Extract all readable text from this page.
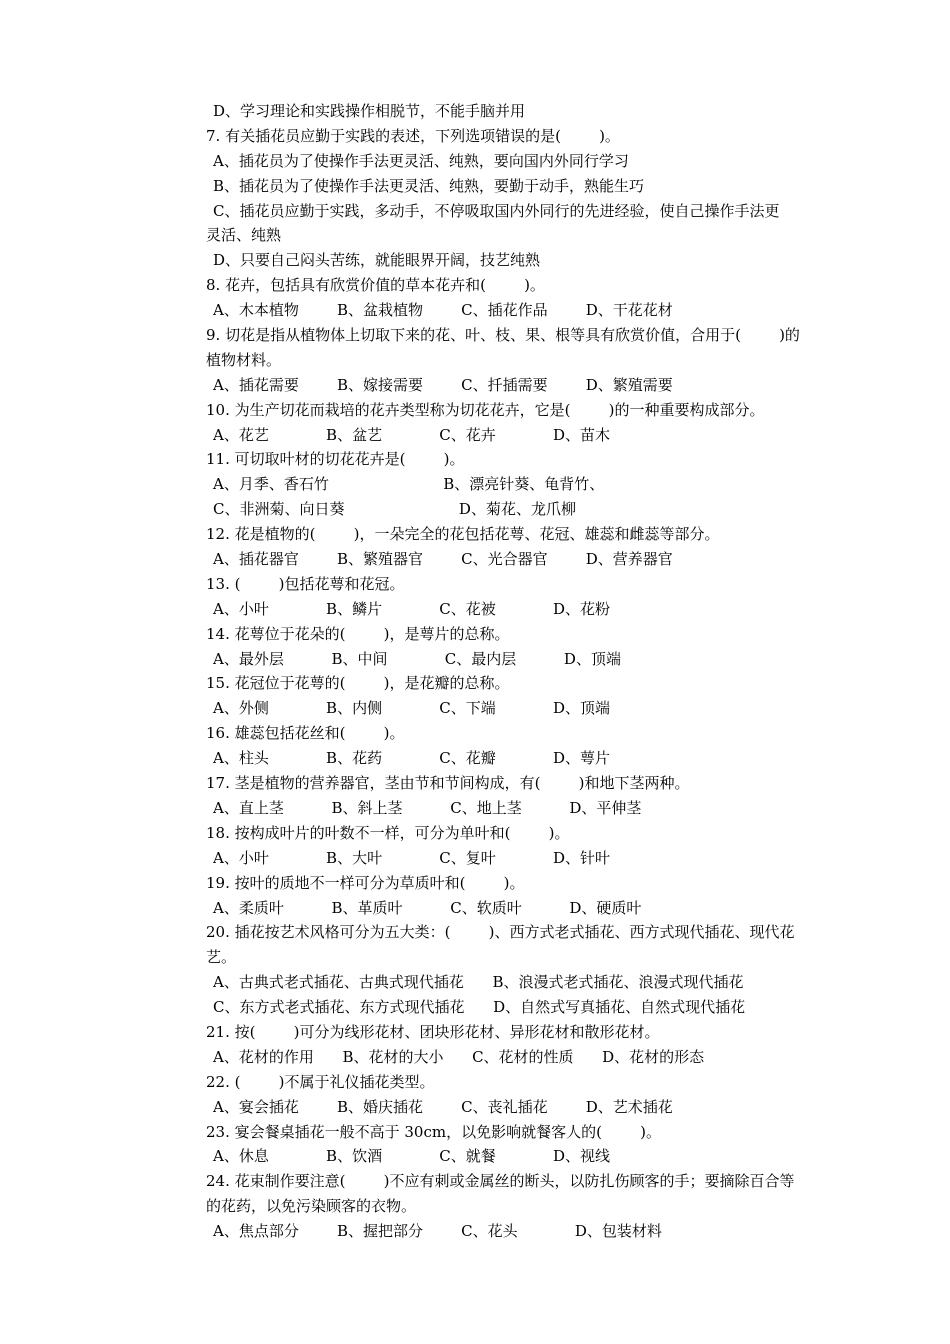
D、学习理论和实践操作相脱节，不能手脑并用
7. 有关插花员应勤于实践的表述，下列选项错误的是(        )。
A、插花员为了使操作手法更灵活、纯熟，要向国内外同行学习
B、插花员为了使操作手法更灵活、纯熟，要勤于动手，熟能生巧
C、插花员应勤于实践，多动手，不停吸取国内外同行的先进经验，使自己操作手法更
灵活、纯熟
D、只要自己闷头苦练，就能眼界开阔，技艺纯熟
8. 花卉，包括具有欣赏价值的草本花卉和(        )。
A、木本植物        B、盆栽植物        C、插花作品        D、干花花材
9. 切花是指从植物体上切取下来的花、叶、枝、果、根等具有欣赏价值，合用于(        )的
植物材料。
A、插花需要        B、嫁接需要        C、扦插需要        D、繁殖需要
10. 为生产切花而栽培的花卉类型称为切花花卉，它是(        )的一种重要构成部分。
A、花艺            B、盆艺            C、花卉            D、苗木
11. 可切取叶材的切花花卉是(        )。
A、月季、香石竹                        B、漂亮针葵、龟背竹、
C、非洲菊、向日葵                        D、菊花、龙爪柳
12. 花是植物的(        )，一朵完全的花包括花萼、花冠、雄蕊和雌蕊等部分。
A、插花器官        B、繁殖器官        C、光合器官        D、营养器官
13. (        )包括花萼和花冠。
A、小叶            B、鳞片            C、花被            D、花粉
14. 花萼位于花朵的(        )，是萼片的总称。
A、最外层          B、中间            C、最内层          D、顶端
15. 花冠位于花萼的(        )，是花瓣的总称。
A、外侧            B、内侧            C、下端            D、顶端
16. 雄蕊包括花丝和(        )。
A、柱头            B、花药            C、花瓣            D、萼片
17. 茎是植物的营养器官，茎由节和节间构成，有(        )和地下茎两种。
A、直上茎          B、斜上茎          C、地上茎          D、平伸茎
18. 按构成叶片的叶数不一样，可分为单叶和(        )。
A、小叶            B、大叶            C、复叶            D、针叶
19. 按叶的质地不一样可分为草质叶和(        )。
A、柔质叶          B、革质叶          C、软质叶          D、硬质叶
20. 插花按艺术风格可分为五大类：(        )、西方式老式插花、西方式现代插花、现代花
艺。
A、古典式老式插花、古典式现代插花      B、浪漫式老式插花、浪漫式现代插花
C、东方式老式插花、东方式现代插花      D、自然式写真插花、自然式现代插花
21. 按(        )可分为线形花材、团块形花材、异形花材和散形花材。
A、花材的作用      B、花材的大小      C、花材的性质      D、花材的形态
22. (        )不属于礼仪插花类型。
A、宴会插花        B、婚庆插花        C、丧礼插花        D、艺术插花
23. 宴会餐桌插花一般不高于 30cm，以免影响就餐客人的(        )。
A、休息            B、饮酒            C、就餐            D、视线
24. 花束制作要注意(        )不应有刺或金属丝的断头，以防扎伤顾客的手；要摘除百合等
的花药，以免污染顾客的衣物。
A、焦点部分        B、握把部分        C、花头            D、包装材料
